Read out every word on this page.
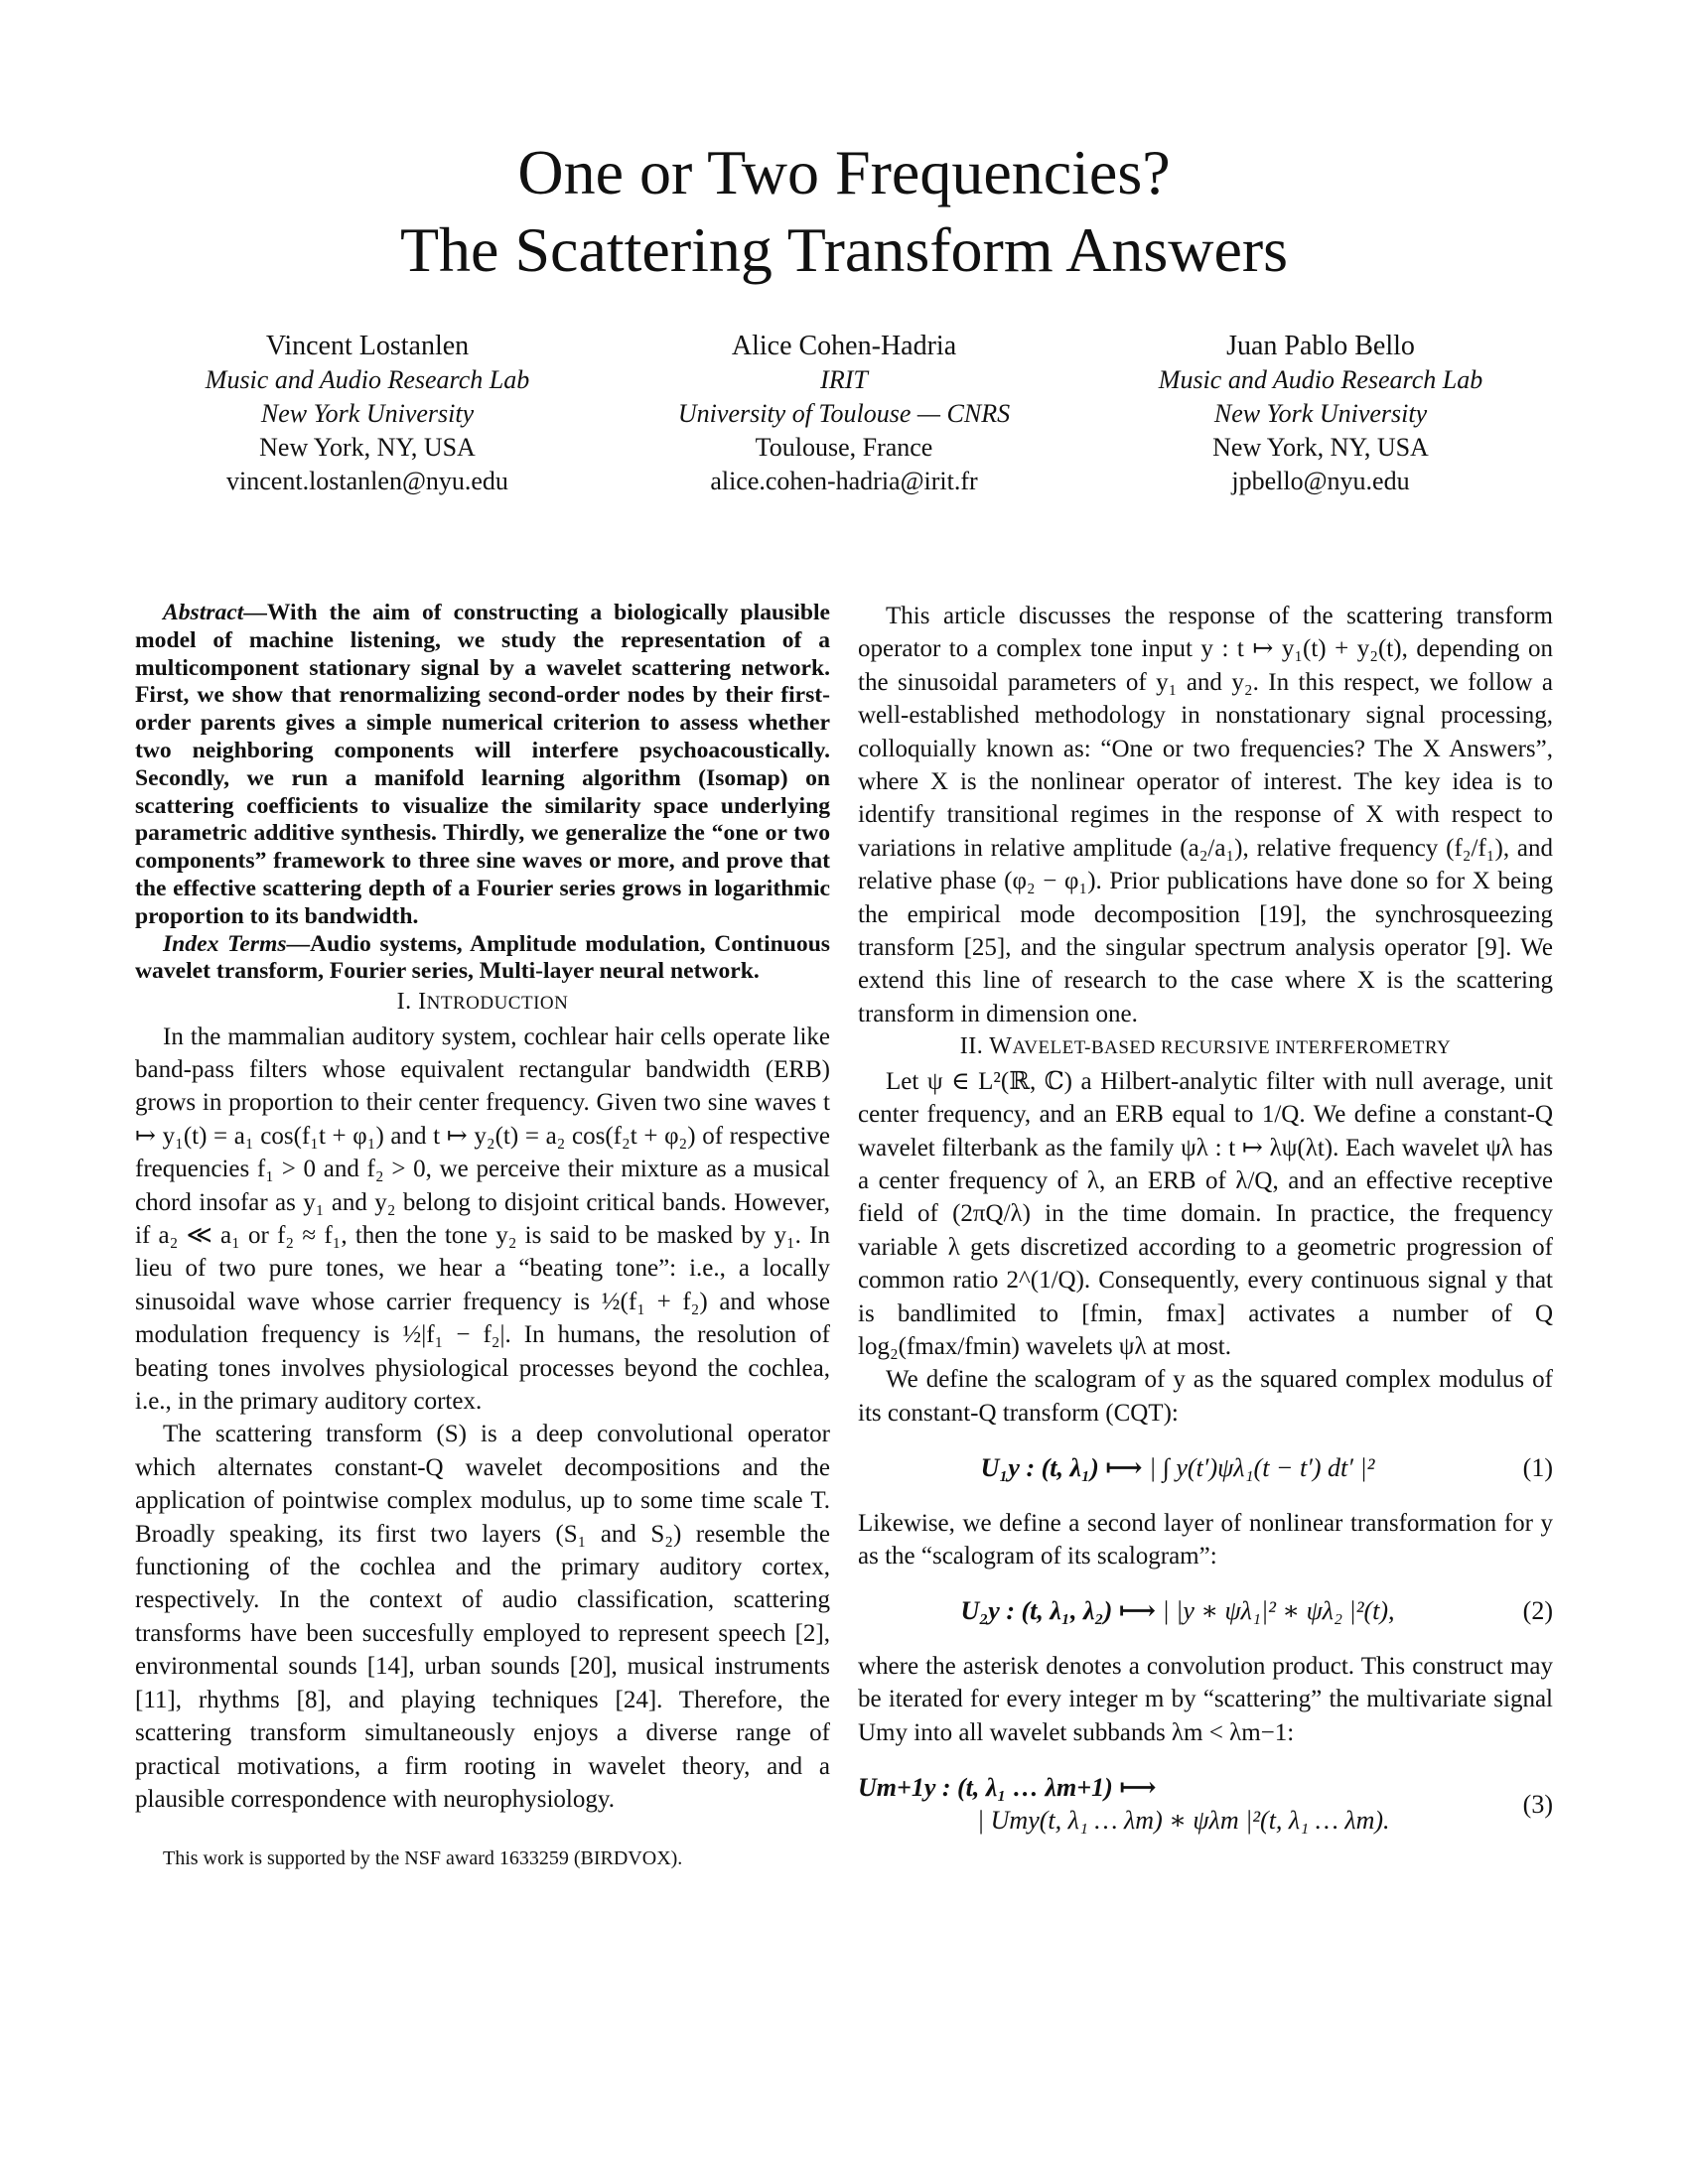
One or Two Frequencies?
The Scattering Transform Answers
Vincent Lostanlen
Music and Audio Research Lab
New York University
New York, NY, USA
vincent.lostanlen@nyu.edu
Alice Cohen-Hadria
IRIT
University of Toulouse — CNRS
Toulouse, France
alice.cohen-hadria@irit.fr
Juan Pablo Bello
Music and Audio Research Lab
New York University
New York, NY, USA
jpbello@nyu.edu

Abstract—With the aim of constructing a biologically plausible model of machine listening, we study the representation of a multicomponent stationary signal by a wavelet scattering network. First, we show that renormalizing second-order nodes by their first-order parents gives a simple numerical criterion to assess whether two neighboring components will interfere psychoacoustically. Secondly, we run a manifold learning algorithm (Isomap) on scattering coefficients to visualize the similarity space underlying parametric additive synthesis. Thirdly, we generalize the “one or two components” framework to three sine waves or more, and prove that the effective scattering depth of a Fourier series grows in logarithmic proportion to its bandwidth.

Index Terms—Audio systems, Amplitude modulation, Continuous wavelet transform, Fourier series, Multi-layer neural network.

I. INTRODUCTION

In the mammalian auditory system, cochlear hair cells operate like band-pass filters whose equivalent rectangular bandwidth (ERB) grows in proportion to their center frequency. Given two sine waves t ↦ y₁(t) = a₁ cos(f₁t + φ₁) and t ↦ y₂(t) = a₂ cos(f₂t + φ₂) of respective frequencies f₁ > 0 and f₂ > 0, we perceive their mixture as a musical chord insofar as y₁ and y₂ belong to disjoint critical bands. However, if a₂ ≪ a₁ or f₂ ≈ f₁, then the tone y₂ is said to be masked by y₁. In lieu of two pure tones, we hear a “beating tone”: i.e., a locally sinusoidal wave whose carrier frequency is ½(f₁ + f₂) and whose modulation frequency is ½|f₁ − f₂|. In humans, the resolution of beating tones involves physiological processes beyond the cochlea, i.e., in the primary auditory cortex.

The scattering transform (S) is a deep convolutional operator which alternates constant-Q wavelet decompositions and the application of pointwise complex modulus, up to some time scale T. Broadly speaking, its first two layers (S₁ and S₂) resemble the functioning of the cochlea and the primary auditory cortex, respectively. In the context of audio classification, scattering transforms have been succesfully employed to represent speech [2], environmental sounds [14], urban sounds [20], musical instruments [11], rhythms [8], and playing techniques [24]. Therefore, the scattering transform simultaneously enjoys a diverse range of practical motivations, a firm rooting in wavelet theory, and a plausible correspondence with neurophysiology.

This work is supported by the NSF award 1633259 (BIRDVOX).

This article discusses the response of the scattering transform operator to a complex tone input y : t ↦ y₁(t) + y₂(t), depending on the sinusoidal parameters of y₁ and y₂. In this respect, we follow a well-established methodology in nonstationary signal processing, colloquially known as: “One or two frequencies? The X Answers”, where X is the nonlinear operator of interest. The key idea is to identify transitional regimes in the response of X with respect to variations in relative amplitude (a₂/a₁), relative frequency (f₂/f₁), and relative phase (φ₂ − φ₁). Prior publications have done so for X being the empirical mode decomposition [19], the synchrosqueezing transform [25], and the singular spectrum analysis operator [9]. We extend this line of research to the case where X is the scattering transform in dimension one.

II. WAVELET-BASED RECURSIVE INTERFEROMETRY

Let ψ ∈ L²(ℝ, ℂ) a Hilbert-analytic filter with null average, unit center frequency, and an ERB equal to 1/Q. We define a constant-Q wavelet filterbank as the family ψλ : t ↦ λψ(λt). Each wavelet ψλ has a center frequency of λ, an ERB of λ/Q, and an effective receptive field of (2πQ/λ) in the time domain. In practice, the frequency variable λ gets discretized according to a geometric progression of common ratio 2^(1/Q). Consequently, every continuous signal y that is bandlimited to [fmin, fmax] activates a number of Q log₂(fmax/fmin) wavelets ψλ at most.

We define the scalogram of y as the squared complex modulus of its constant-Q transform (CQT):

U₁y : (t, λ₁) ⟼ | ∫ y(t′)ψλ₁(t − t′) dt′ |²	(1)

Likewise, we define a second layer of nonlinear transformation for y as the “scalogram of its scalogram”:

U₂y : (t, λ₁, λ₂) ⟼ | |y ∗ ψλ₁|² ∗ ψλ₂ |²(t),	(2)

where the asterisk denotes a convolution product. This construct may be iterated for every integer m by “scattering” the multivariate signal Umy into all wavelet subbands λm < λm−1:

Um+1y : (t, λ₁ … λm+1) ⟼
| Umy(t, λ₁ … λm) ∗ ψλm |²(t, λ₁ … λm).
(3)
